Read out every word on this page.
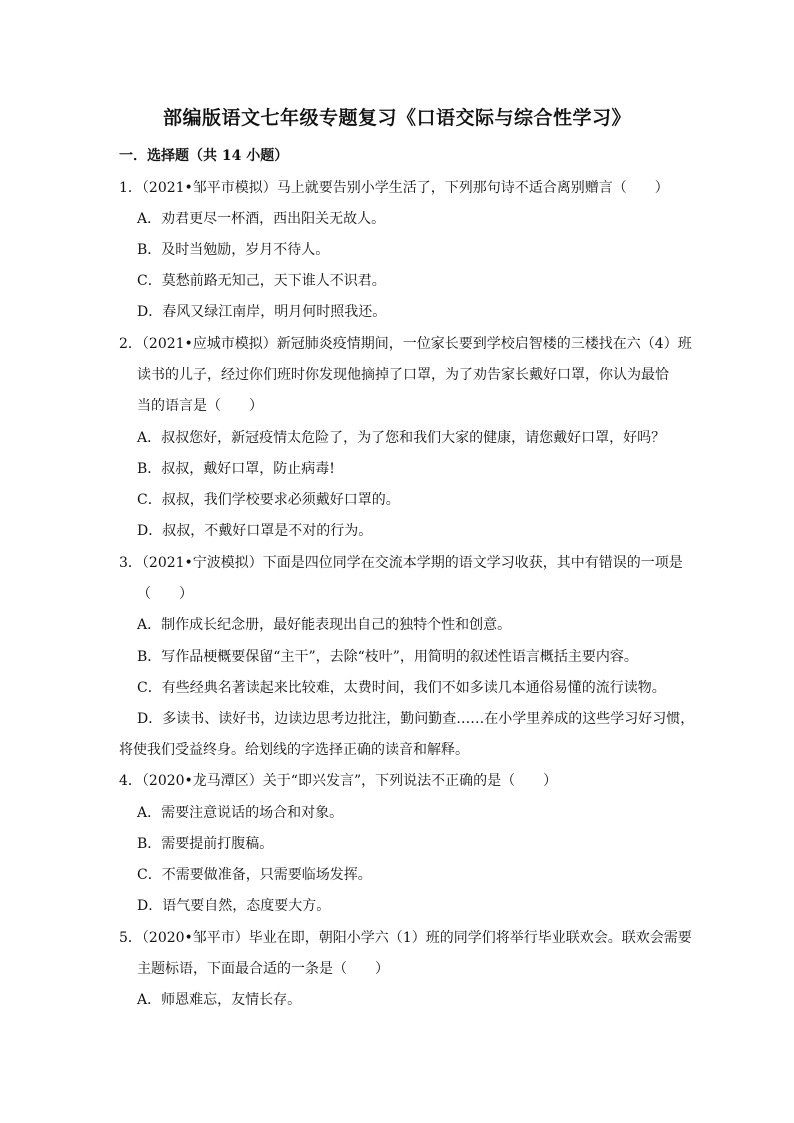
部编版语文七年级专题复习《口语交际与综合性学习》
一．选择题（共 14 小题）
1．（2021•邹平市模拟）马上就要告别小学生活了，下列那句诗不适合离别赠言（　　）
A．劝君更尽一杯酒，西出阳关无故人。
B．及时当勉励，岁月不待人。
C．莫愁前路无知己，天下谁人不识君。
D．春风又绿江南岸，明月何时照我还。
2．（2021•应城市模拟）新冠肺炎疫情期间，一位家长要到学校启智楼的三楼找在六（4）班
读书的儿子，经过你们班时你发现他摘掉了口罩，为了劝告家长戴好口罩，你认为最恰
当的语言是（　　）
A．叔叔您好，新冠疫情太危险了，为了您和我们大家的健康，请您戴好口罩，好吗？
B．叔叔，戴好口罩，防止病毒!
C．叔叔，我们学校要求必须戴好口罩的。
D．叔叔，不戴好口罩是不对的行为。
3．（2021•宁波模拟）下面是四位同学在交流本学期的语文学习收获，其中有错误的一项是
（　　）
A．制作成长纪念册，最好能表现出自己的独特个性和创意。
B．写作品梗概要保留“主干”，去除“枝叶”，用简明的叙述性语言概括主要内容。
C．有些经典名著读起来比较难，太费时间，我们不如多读几本通俗易懂的流行读物。
D．多读书、读好书，边读边思考边批注，勤问勤查……在小学里养成的这些学习好习惯，
将使我们受益终身。给划线的字选择正确的读音和解释。
4．（2020•龙马潭区）关于“即兴发言”，下列说法不正确的是（　　）
A．需要注意说话的场合和对象。
B．需要提前打腹稿。
C．不需要做准备，只需要临场发挥。
D．语气要自然，态度要大方。
5．（2020•邹平市）毕业在即，朝阳小学六（1）班的同学们将举行毕业联欢会。联欢会需要
主题标语，下面最合适的一条是（　　）
A．师恩难忘，友情长存。
